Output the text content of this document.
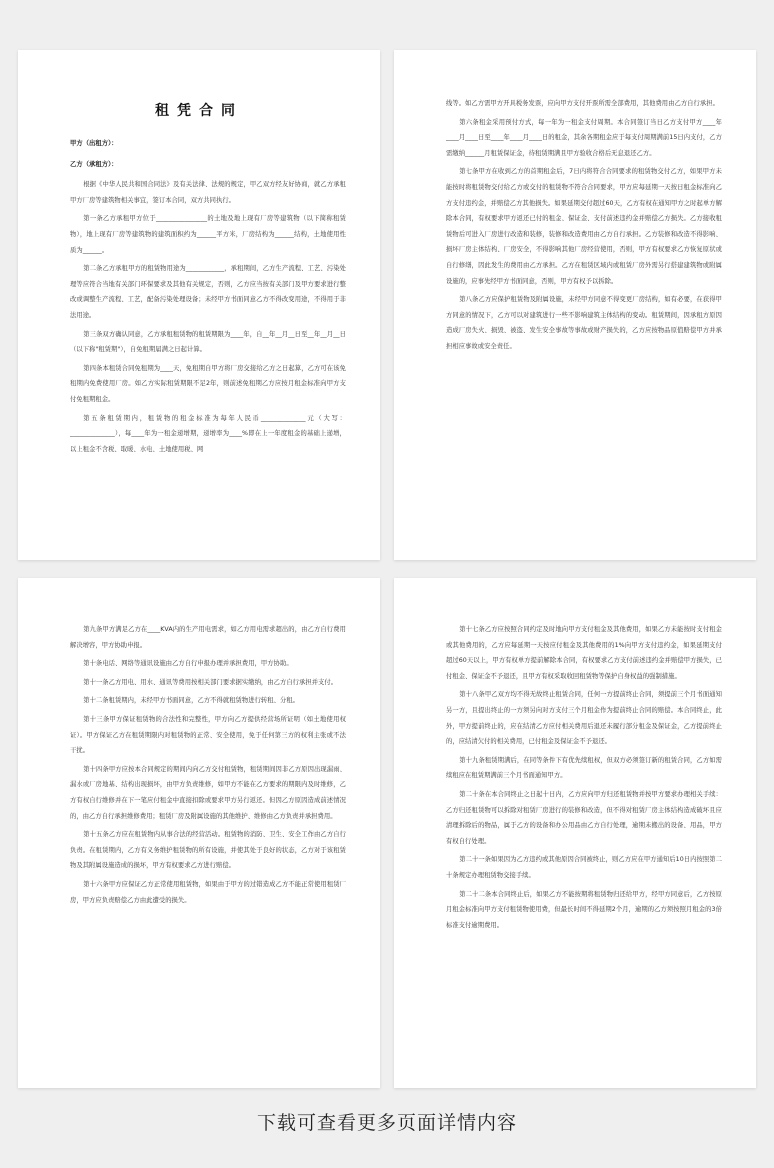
租凭合同

甲方（出租方）：

乙方（承租方）：

根据《中华人民共和国合同法》及有关法律、法规的规定，甲乙双方经友好协商，就乙方承租甲方厂房等建筑物相关事宜，签订本合同，双方共同执行。

第一条乙方承租甲方位于________________的土地及地上现有厂房等建筑物（以下简称租赁物），地上现有厂房等建筑物的建筑面积约为______平方米，厂房结构为______结构，土地使用性质为______。

第二条乙方承租甲方的租赁物用途为____________，承租期间，乙方生产流程、工艺、污染处理等应符合当地有关部门环保要求及其他有关规定，否则，乙方应当按有关部门及甲方要求进行整改或调整生产流程、工艺，配备污染处理设备；未经甲方书面同意乙方不得改变用途，不得用于非法用途。

第三条双方确认同意，乙方承租租赁物的租赁期限为____年，自__年__月__日至__年__月__日（以下称"租赁期"），自免租期届满之日起计算。

第四条本租赁合同免租期为____天，免租期自甲方将厂房交接给乙方之日起算，乙方可在该免租期内免费使用厂房。如乙方实际租赁期限不足2年，则前述免租期乙方应按月租金标准向甲方支付免租期租金。

第五条租赁期内，租赁物的租金标准为每年人民币______________元（大写：______________），每____年为一租金递增期，递增率为____%即在上一年度租金的基础上递增，以上租金不含税、取暖、水电、土地使用税、网

线等。如乙方需甲方开具税务发票，应向甲方支付开票所需全部费用，其他费用由乙方自行承担。

第六条租金采用预付方式，每一年为一租金支付周期。本合同签订当日乙方支付甲方____年____月____日至____年____月____日的租金，其余各期租金应于每支付周期满前15日内支付，乙方需缴纳______月租赁保证金，待租赁期满且甲方验收合格后无息退还乙方。

第七条甲方在收到乙方的首期租金后，7日内将符合合同要求的租赁物交付乙方，如果甲方未能按时将租赁物交付给乙方或交付的租赁物不符合合同要求，甲方应每延期一天按日租金标准向乙方支付违约金，并赔偿乙方其他损失。如果延期交付超过60天，乙方有权在通知甲方之时起单方解除本合同，有权要求甲方返还已付的租金、保证金、支付前述违约金并赔偿乙方损失。乙方接收租赁物后可进入厂房进行改造和装修，装修和改造费用由乙方自行承担。乙方装修和改造不得影响、损坏厂房主体结构、厂房安全，不得影响其他厂房经营使用，否则，甲方有权要求乙方恢复原状或自行修缮，因此发生的费用由乙方承担。乙方在租赁区域内或租赁厂房外需另行搭建建筑物或附属设施的，应事先经甲方书面同意，否则，甲方有权予以拆除。

第八条乙方应保护租赁物及附属设施，未经甲方同意不得变更厂房结构，如有必要，在获得甲方同意的情况下，乙方可以对建筑进行一些不影响建筑主体结构的变动。租赁期间，因承租方原因造成厂房失火、损毁、被盗、发生安全事故等事故或财产损失的，乙方应按物品原值赔偿甲方并承担相应事故或安全责任。

第九条甲方满足乙方在____KVA内的生产用电需求，如乙方用电需求超出的，由乙方自行费用解决增容，甲方协助申报。

第十条电话、网络等通讯设施由乙方自行申报办理并承担费用，甲方协助。

第十一条乙方用电、用水、通讯等费用按相关部门要求据实缴纳，由乙方自行承担并支付。

第十二条租赁期内，未经甲方书面同意，乙方不得就租赁物进行转租、分租。

第十三条甲方保证租赁物的合法性和完整性，甲方向乙方提供经营场所证明（如土地使用权证）。甲方保证乙方在租赁期限内对租赁物的正常、安全使用，免于任何第三方的权利主张或不法干扰。

第十四条甲方应按本合同规定的期间内向乙方交付租赁物，租赁期间因非乙方原因出现漏雨、漏水或厂房地基、结构出现损坏，由甲方负责维修，如甲方不能在乙方要求的期限内及时维修，乙方有权自行维修并在下一笔应付租金中直接扣除或要求甲方另行返还。但因乙方原因造成前述情况的，由乙方自行承担维修费用；租赁厂房及附属设施的其他维护、维修由乙方负责并承担费用。

第十五条乙方应在租赁物内从事合法的经营活动。租赁物的消防、卫生、安全工作由乙方自行负责。在租赁期内，乙方有义务维护租赁物的所有设施，并使其处于良好的状态，乙方对于该租赁物及其附属设施造成的损坏，甲方有权要求乙方进行赔偿。

第十六条甲方应保证乙方正常使用租赁物，如果由于甲方的过错造成乙方不能正常使用租赁厂房，甲方应负责赔偿乙方由此遭受的损失。

第十七条乙方应按照合同约定及时地向甲方支付租金及其他费用，如果乙方未能按时支付租金或其他费用的，乙方应每延期一天按应付租金及其他费用的1%向甲方支付违约金，如果延期支付超过60天以上，甲方有权单方提前解除本合同，有权要求乙方支付前述违约金并赔偿甲方损失，已付租金、保证金不予退还，且甲方有权采取收回租赁物等保护自身权益的强制措施。

第十八条甲乙双方均不得无故终止租赁合同，任何一方提前终止合同，须提前三个月书面通知另一方，且提出终止的一方须另向对方支付三个月租金作为提前终止合同的赔偿。本合同终止，此外，甲方提前终止的，应在结清乙方应付相关费用后退还未履行部分租金及保证金，乙方提前终止的，应结清欠付的相关费用，已付租金及保证金不予退还。

第十九条租赁期满后，在同等条件下有优先续租权，但双方必须签订新的租赁合同，乙方如需续租应在租赁期满前三个月书面通知甲方。

第二十条在本合同终止之日起十日内，乙方应向甲方归还租赁物并按甲方要求办理相关手续：乙方归还租赁物可以拆除对租赁厂房进行的装修和改造，但不得对租赁厂房主体结构造成破坏且应清理拆除后的物品，属于乙方的设备和办公用品由乙方自行处理，逾期未搬出的设备、用品，甲方有权自行处理。

第二十一条如果因为乙方违约或其他原因合同被终止，则乙方应在甲方通知后10日内按照第二十条规定办理租赁物交接手续。

第二十二条本合同终止后，如果乙方不能按期将租赁物归还给甲方，经甲方同意后，乙方按原月租金标准向甲方支付租赁物使用费，但最长时间不得延期2个月，逾期的乙方须按照月租金的3倍标准支付逾期费用。

下载可查看更多页面详情内容
